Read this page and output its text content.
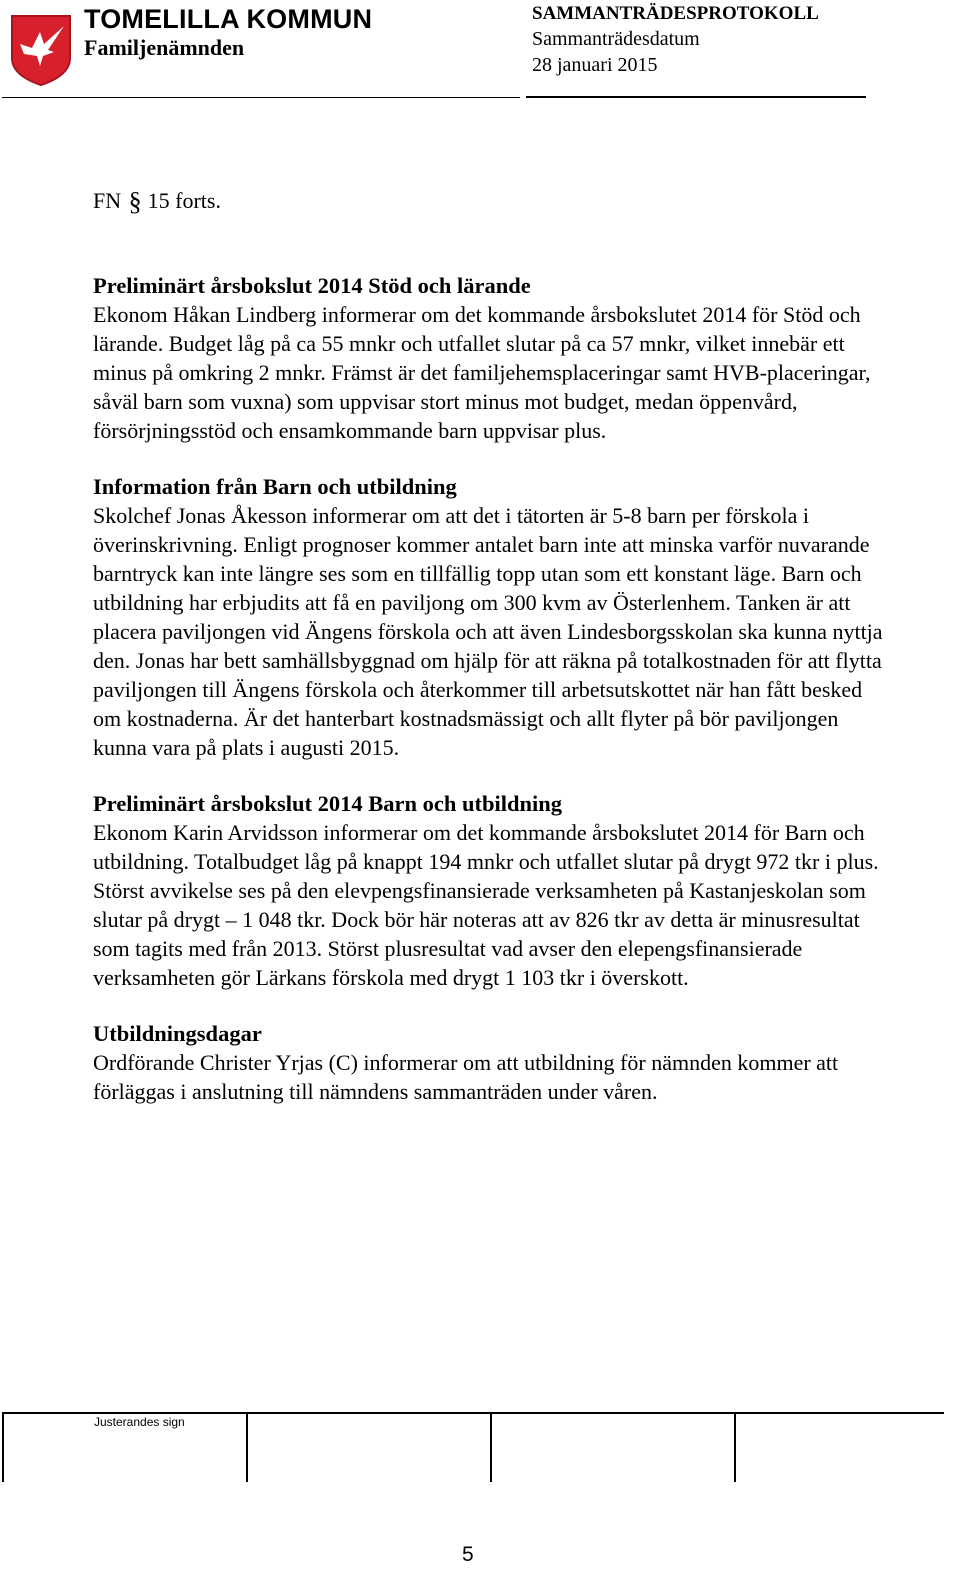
TOMELILLA KOMMUN
Familjenämnden
SAMMANTRÄDESPROTOKOLL
Sammanträdesdatum
28 januari 2015

FN § 15 forts.

Preliminärt årsbokslut 2014 Stöd och lärande

Ekonom Håkan Lindberg informerar om det kommande årsbokslutet 2014 för Stöd och lärande. Budget låg på ca 55 mnkr och utfallet slutar på ca 57 mnkr, vilket innebär ett minus på omkring 2 mnkr. Främst är det familjehemsplaceringar samt HVB-placeringar, såväl barn som vuxna) som uppvisar stort minus mot budget, medan öppenvård, försörjningsstöd och ensamkommande barn uppvisar plus.

Information från Barn och utbildning

Skolchef Jonas Åkesson informerar om att det i tätorten är 5-8 barn per förskola i överinskrivning. Enligt prognoser kommer antalet barn inte att minska varför nuvarande barntryck kan inte längre ses som en tillfällig topp utan som ett konstant läge. Barn och utbildning har erbjudits att få en paviljong om 300 kvm av Österlenhem. Tanken är att placera paviljongen vid Ängens förskola och att även Lindesborgsskolan ska kunna nyttja den. Jonas har bett samhällsbyggnad om hjälp för att räkna på totalkostnaden för att flytta paviljongen till Ängens förskola och återkommer till arbetsutskottet när han fått besked om kostnaderna. Är det hanterbart kostnadsmässigt och allt flyter på bör paviljongen kunna vara på plats i augusti 2015.

Preliminärt årsbokslut 2014 Barn och utbildning

Ekonom Karin Arvidsson informerar om det kommande årsbokslutet 2014 för Barn och utbildning. Totalbudget låg på knappt 194 mnkr och utfallet slutar på drygt 972 tkr i plus. Störst avvikelse ses på den elevpengsfinansierade verksamheten på Kastanjeskolan som slutar på drygt – 1 048 tkr. Dock bör här noteras att av 826 tkr av detta är minusresultat som tagits med från 2013. Störst plusresultat vad avser den elepengsfinansierade verksamheten gör Lärkans förskola med drygt 1 103 tkr i överskott.

Utbildningsdagar

Ordförande Christer Yrjas (C) informerar om att utbildning för nämnden kommer att förläggas i anslutning till nämndens sammanträden under våren.

Justerandes sign
5
